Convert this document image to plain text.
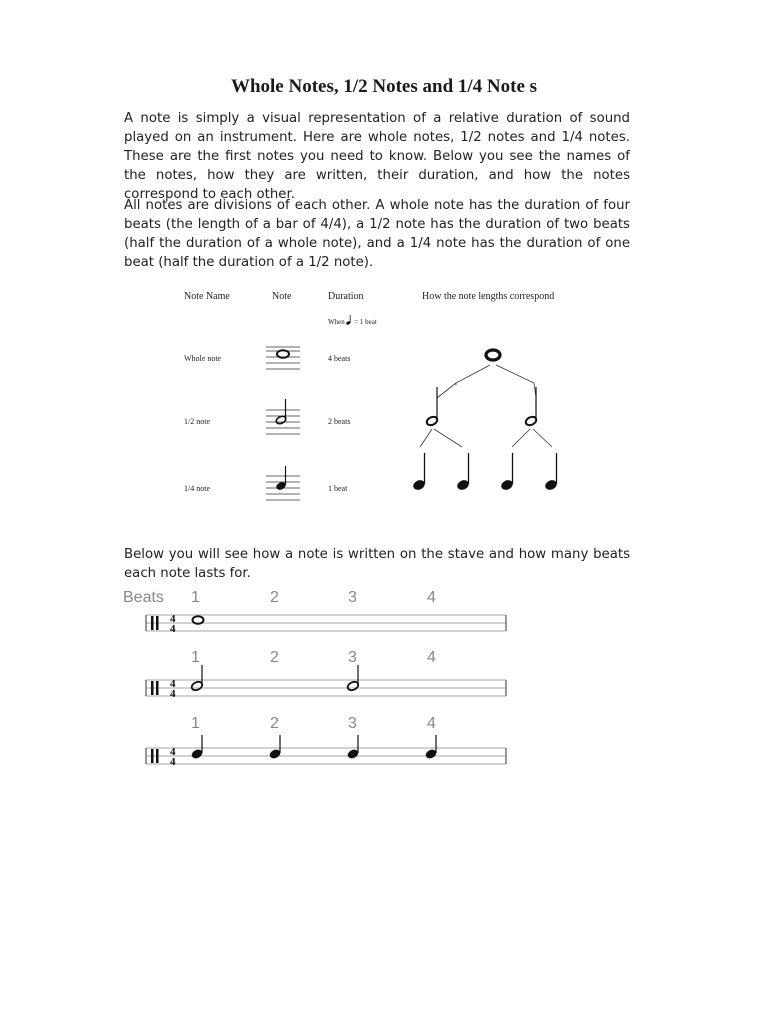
Whole Notes, 1/2 Notes and 1/4 Note s
A note is simply a visual representation of a relative duration of sound played on an instrument. Here are whole notes, 1/2 notes and 1/4 notes. These are the first notes you need to know. Below you see the names of the notes, how they are written, their duration, and how the notes correspond to each other.
All notes are divisions of each other. A whole note has the duration of four beats (the length of a bar of 4/4), a 1/2 note has the duration of two beats (half the duration of a whole note), and a 1/4 note has the duration of one beat (half the duration of a 1/2 note).
Note Name	Note	Duration	How the note lengths correspond
When = 1 beat
Whole note	4 beats
1/2 note	2 beats
1/4 note	1 beat
Below you will see how a note is written on the stave and how many beats each note lasts for.
Beats 1	2	3	4
1	2	3	4
1	2	3	4
4
4
4
4
4
4
